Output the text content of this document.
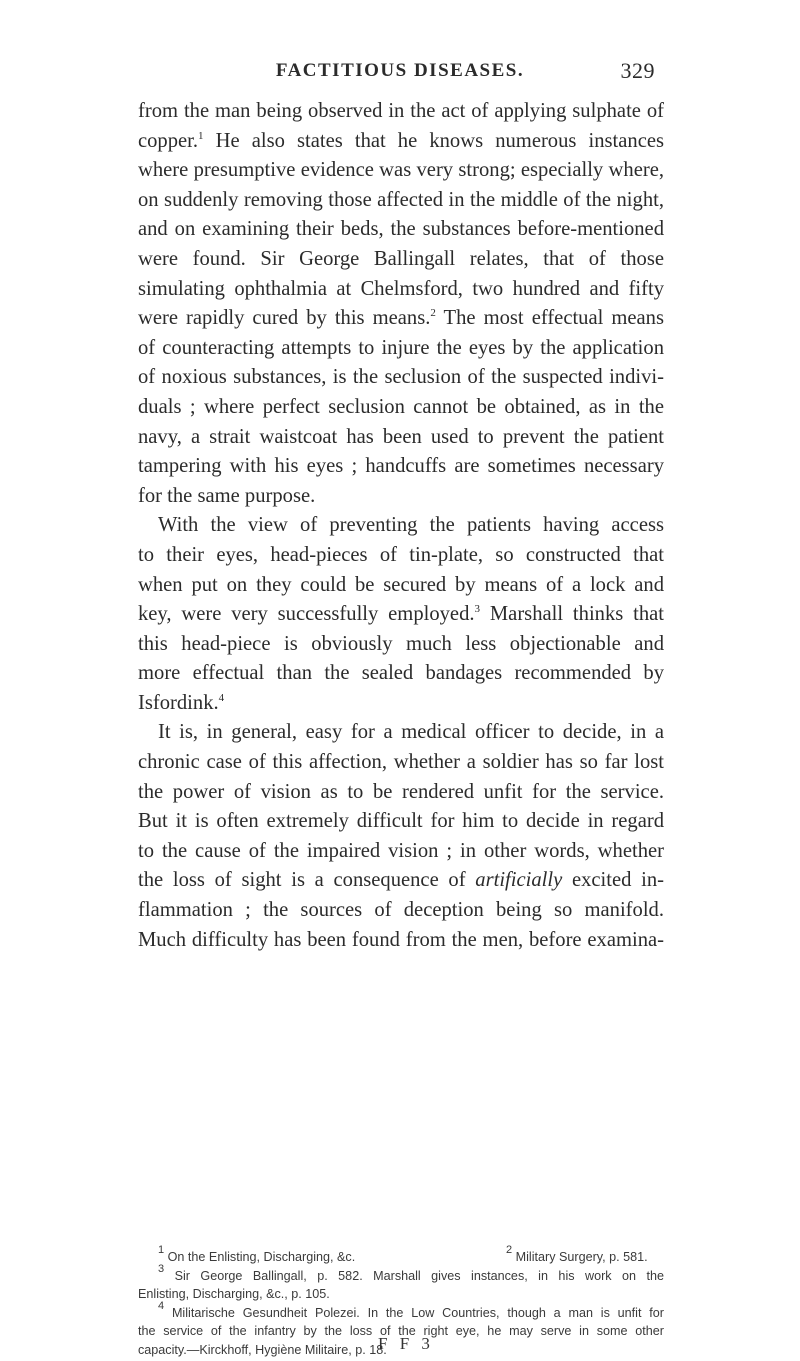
FACTITIOUS DISEASES.	329
from the man being observed in the act of applying sulphate of
copper.$^1$ He also states that he knows numerous instances
where presumptive evidence was very strong; especially where,
on suddenly removing those affected in the middle of the night,
and on examining their beds, the substances before-mentioned
were found. Sir George Ballingall relates, that of those
simulating ophthalmia at Chelmsford, two hundred and fifty
were rapidly cured by this means.$^2$ The most effectual means
of counteracting attempts to injure the eyes by the application
of noxious substances, is the seclusion of the suspected indivi-
duals ; where perfect seclusion cannot be obtained, as in the
navy, a strait waistcoat has been used to prevent the patient
tampering with his eyes ; handcuffs are sometimes necessary
for the same purpose.
With the view of preventing the patients having access
to their eyes, head-pieces of tin-plate, so constructed that
when put on they could be secured by means of a lock and
key, were very successfully employed.$^3$ Marshall thinks that
this head-piece is obviously much less objectionable and
more effectual than the sealed bandages recommended by
Isfordink.$^4$
It is, in general, easy for a medical officer to decide, in a
chronic case of this affection, whether a soldier has so far lost
the power of vision as to be rendered unfit for the service.
But it is often extremely difficult for him to decide in regard
to the cause of the impaired vision ; in other words, whether
the loss of sight is a consequence of artificially excited in-
flammation ; the sources of deception being so manifold.
Much difficulty has been found from the men, before examina-
$^1$ On the Enlisting, Discharging, &c.	$^2$ Military Surgery, p. 581.
$^3$ Sir George Ballingall, p. 582. Marshall gives instances, in his work on the
Enlisting, Discharging, &c., p. 105.
$^4$ Militarische Gesundheit Polezei. In the Low Countries, though a man is unfit for
the service of the infantry by the loss of the right eye, he may serve in some other
capacity.—Kirckhoff, Hygiène Militaire, p. 18.
F F 3
